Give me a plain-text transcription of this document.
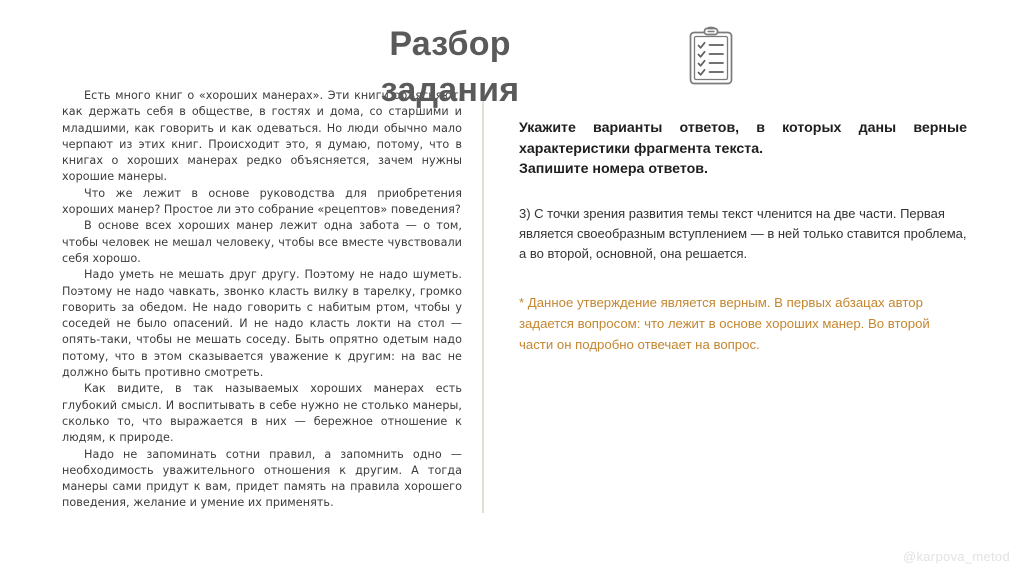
Разбор
задания

Есть много книг о «хороших манерах». Эти книги объясняют, как держать себя в обществе, в гостях и дома, со старшими и младшими, как говорить и как одеваться. Но люди обычно мало черпают из этих книг. Происходит это, я думаю, потому, что в книгах о хороших манерах редко объясняется, зачем нужны хорошие манеры.

Что же лежит в основе руководства для приобретения хороших манер? Простое ли это собрание «рецептов» поведения?

В основе всех хороших манер лежит одна забота — о том, чтобы человек не мешал человеку, чтобы все вместе чувствовали себя хорошо.

Надо уметь не мешать друг другу. Поэтому не надо шуметь. Поэтому не надо чавкать, звонко класть вилку в тарелку, громко говорить за обедом. Не надо говорить с набитым ртом, чтобы у соседей не было опасений. И не надо класть локти на стол — опять-таки, чтобы не мешать соседу. Быть опрятно одетым надо потому, что в этом сказывается уважение к другим: на вас не должно быть противно смотреть.

Как видите, в так называемых хороших манерах есть глубокий смысл. И воспитывать в себе нужно не столько манеры, сколько то, что выражается в них — бережное отношение к людям, к природе.

Надо не запоминать сотни правил, а запомнить одно — необходимость уважительного отношения к другим. А тогда манеры сами придут к вам, придет память на правила хорошего поведения, желание и умение их применять.

Укажите варианты ответов, в которых даны верные характеристики фрагмента текста.
Запишите номера ответов.
3) С точки зрения развития темы текст членится на две части. Первая является своеобразным вступлением — в ней только ставится проблема, а во второй, основной, она решается.
* Данное утверждение является верным. В первых абзацах автор задается вопросом: что лежит в основе хороших манер. Во второй части он подробно отвечает на вопрос.
@karpova_metod
